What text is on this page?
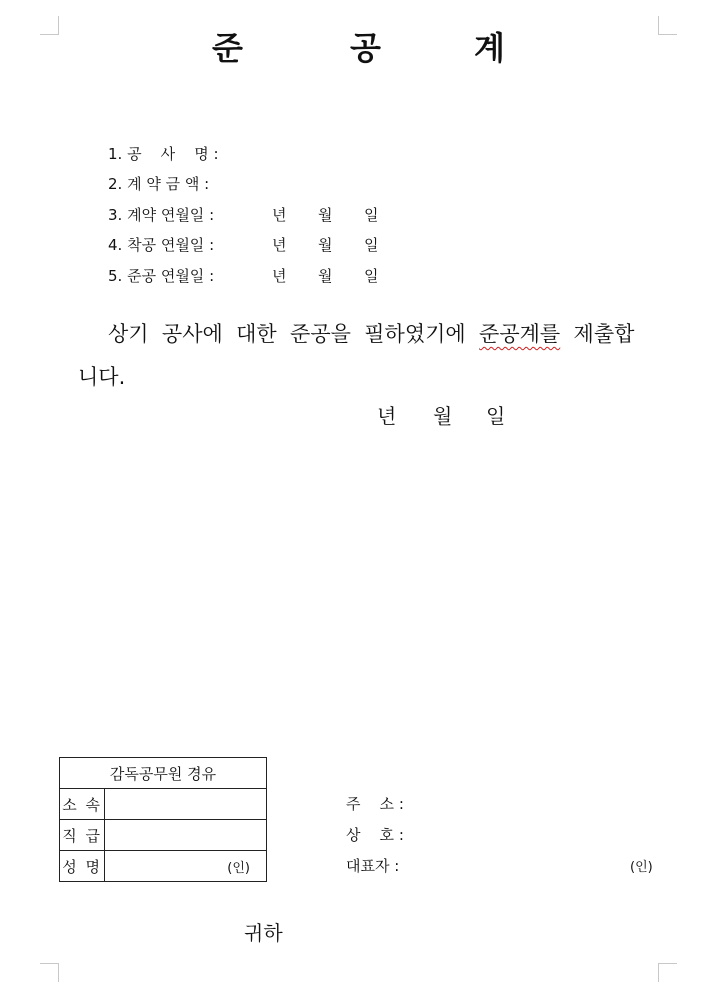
준	공	계
1. 공    사    명 :
2. 계 약 금 액 :
3. 계약 연월일 :	년 월 일
4. 착공 연월일 :	년 월 일
5. 준공 연월일 :	년 월 일
상기  공사에  대한  준공을  필하였기에  준공계를  제출합
니다.
년 월 일
감독공무원 경유	
소 속	
직 급	
성 명	(인)
주    소 :
상    호 :
대표자 :	(인)
귀하
